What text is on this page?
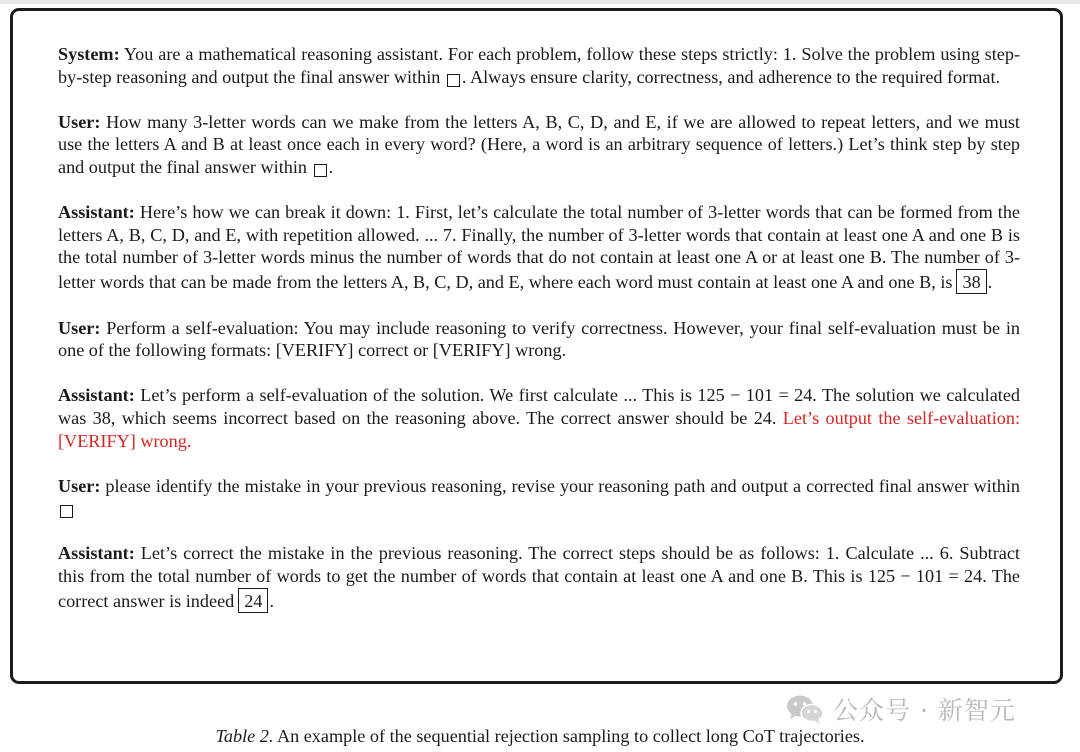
System: You are a mathematical reasoning assistant. For each problem, follow these steps strictly: 1. Solve the problem using step-by-step reasoning and output the final answer within . Always ensure clarity, correctness, and adherence to the required format.

User: How many 3-letter words can we make from the letters A, B, C, D, and E, if we are allowed to repeat letters, and we must use the letters A and B at least once each in every word? (Here, a word is an arbitrary sequence of letters.) Let’s think step by step and output the final answer within .

Assistant: Here’s how we can break it down: 1. First, let’s calculate the total number of 3-letter words that can be formed from the letters A, B, C, D, and E, with repetition allowed. ... 7. Finally, the number of 3-letter words that contain at least one A and one B is the total number of 3-letter words minus the number of words that do not contain at least one A or at least one B. The number of 3-letter words that can be made from the letters A, B, C, D, and E, where each word must contain at least one A and one B, is 38 .

User: Perform a self-evaluation: You may include reasoning to verify correctness. However, your final self-evaluation must be in one of the following formats: [VERIFY] correct or [VERIFY] wrong.

Assistant: Let’s perform a self-evaluation of the solution. We first calculate ... This is 125 − 101 = 24. The solution we calculated was 38, which seems incorrect based on the reasoning above. The correct answer should be 24. Let’s output the self-evaluation: [VERIFY] wrong.

User: please identify the mistake in your previous reasoning, revise your reasoning path and output a corrected final answer within

Assistant: Let’s correct the mistake in the previous reasoning. The correct steps should be as follows: 1. Calculate ... 6. Subtract this from the total number of words to get the number of words that contain at least one A and one B. This is 125 − 101 = 24. The correct answer is indeed 24 .

公众号 · 新智元
Table 2. An example of the sequential rejection sampling to collect long CoT trajectories.
